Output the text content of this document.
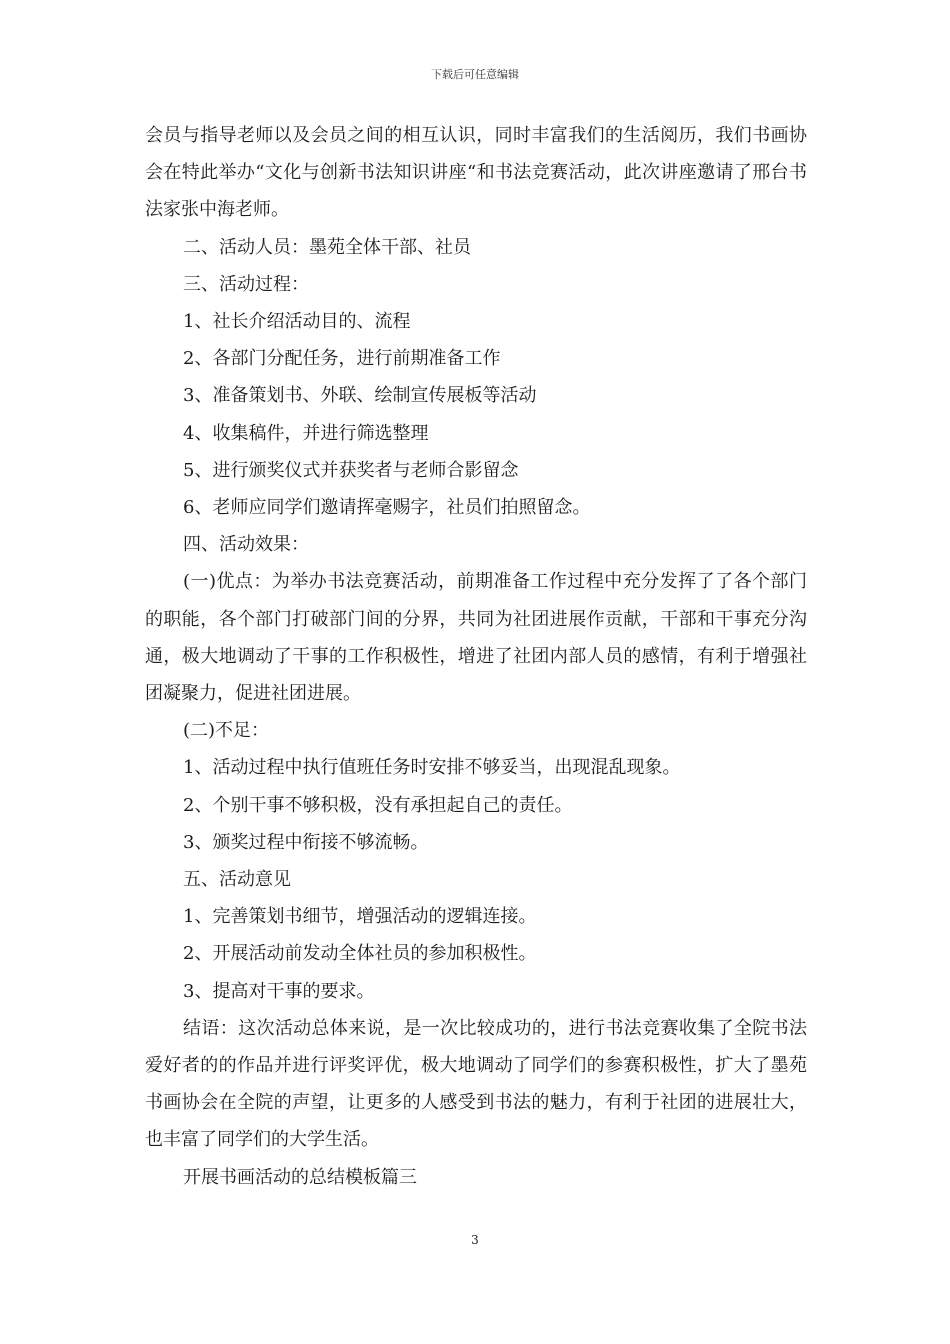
下载后可任意编辑

会员与指导老师以及会员之间的相互认识，同时丰富我们的生活阅历，我们书画协会在特此举办“文化与创新书法知识讲座“和书法竞赛活动，此次讲座邀请了邢台书法家张中海老师。

二、活动人员：墨苑全体干部、社员

三、活动过程：

1、社长介绍活动目的、流程

2、各部门分配任务，进行前期准备工作

3、准备策划书、外联、绘制宣传展板等活动

4、收集稿件，并进行筛选整理

5、进行颁奖仪式并获奖者与老师合影留念

6、老师应同学们邀请挥毫赐字，社员们拍照留念。

四、活动效果：

(一)优点：为举办书法竞赛活动，前期准备工作过程中充分发挥了了各个部门的职能，各个部门打破部门间的分界，共同为社团进展作贡献，干部和干事充分沟通，极大地调动了干事的工作积极性，增进了社团内部人员的感情，有利于增强社团凝聚力，促进社团进展。

(二)不足：

1、活动过程中执行值班任务时安排不够妥当，出现混乱现象。

2、个别干事不够积极，没有承担起自己的责任。

3、颁奖过程中衔接不够流畅。

五、活动意见

1、完善策划书细节，增强活动的逻辑连接。

2、开展活动前发动全体社员的参加积极性。

3、提高对干事的要求。

结语：这次活动总体来说，是一次比较成功的，进行书法竞赛收集了全院书法爱好者的的作品并进行评奖评优，极大地调动了同学们的参赛积极性，扩大了墨苑书画协会在全院的声望，让更多的人感受到书法的魅力，有利于社团的进展壮大，也丰富了同学们的大学生活。

开展书画活动的总结模板篇三

3
